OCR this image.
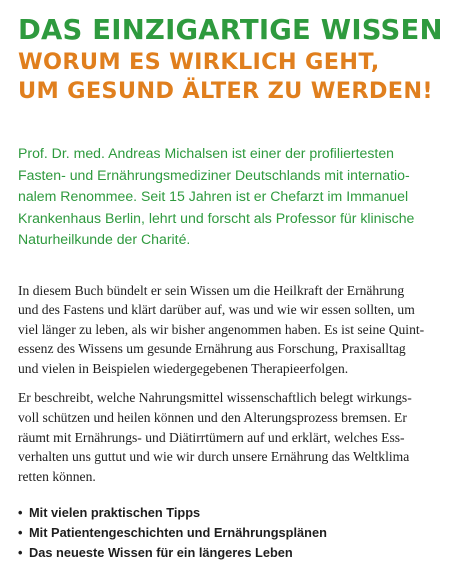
DAS EINZIGARTIGE WISSEN
WORUM ES WIRKLICH GEHT,
UM GESUND ÄLTER ZU WERDEN!
Prof. Dr. med. Andreas Michalsen ist einer der profiliertesten
Fasten- und Ernährungsmediziner Deutschlands mit internatio-
nalem Renommee. Seit 15 Jahren ist er Chefarzt im Immanuel
Krankenhaus Berlin, lehrt und forscht als Professor für klinische
Naturheilkunde der Charité.
In diesem Buch bündelt er sein Wissen um die Heilkraft der Ernährung
und des Fastens und klärt darüber auf, was und wie wir essen sollten, um
viel länger zu leben, als wir bisher angenommen haben. Es ist seine Quint-
essenz des Wissens um gesunde Ernährung aus Forschung, Praxisalltag
und vielen in Beispielen wiedergegebenen Therapieerfolgen.
Er beschreibt, welche Nahrungsmittel wissenschaftlich belegt wirkungs-
voll schützen und heilen können und den Alterungsprozess bremsen. Er
räumt mit Ernährungs- und Diätirrtümern auf und erklärt, welches Ess-
verhalten uns guttut und wie wir durch unsere Ernährung das Weltklima
retten können.
• Mit vielen praktischen Tipps
• Mit Patientengeschichten und Ernährungsplänen
• Das neueste Wissen für ein längeres Leben
